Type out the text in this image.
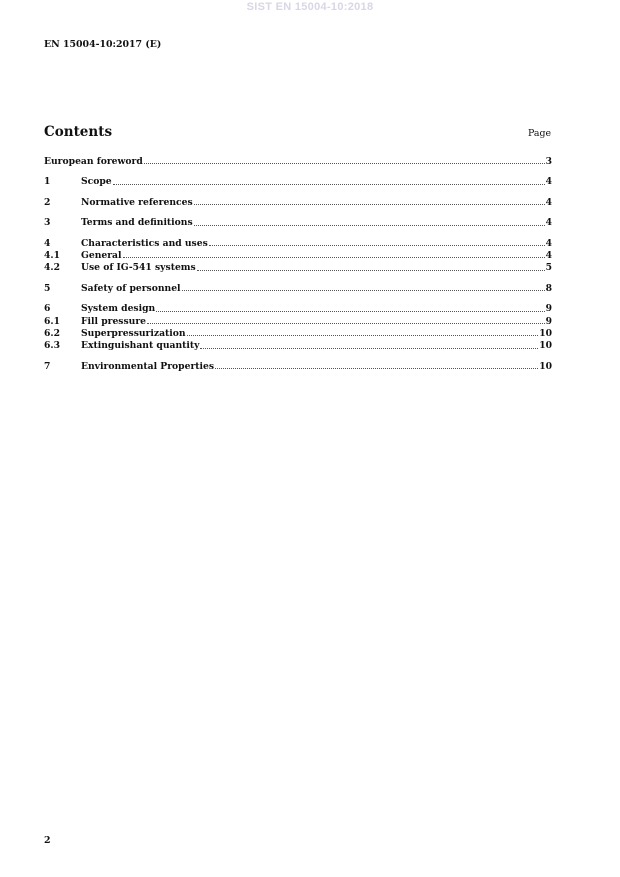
SIST EN 15004-10:2018
EN 15004-10:2017 (E)
Contents	Page
European foreword	3
1	Scope	4
2	Normative references	4
3	Terms and definitions	4
4	Characteristics and uses	4
4.1	General	4
4.2	Use of IG-541 systems	5
5	Safety of personnel	8
6	System design	9
6.1	Fill pressure	9
6.2	Superpressurization	10
6.3	Extinguishant quantity	10
7	Environmental Properties	10
2
